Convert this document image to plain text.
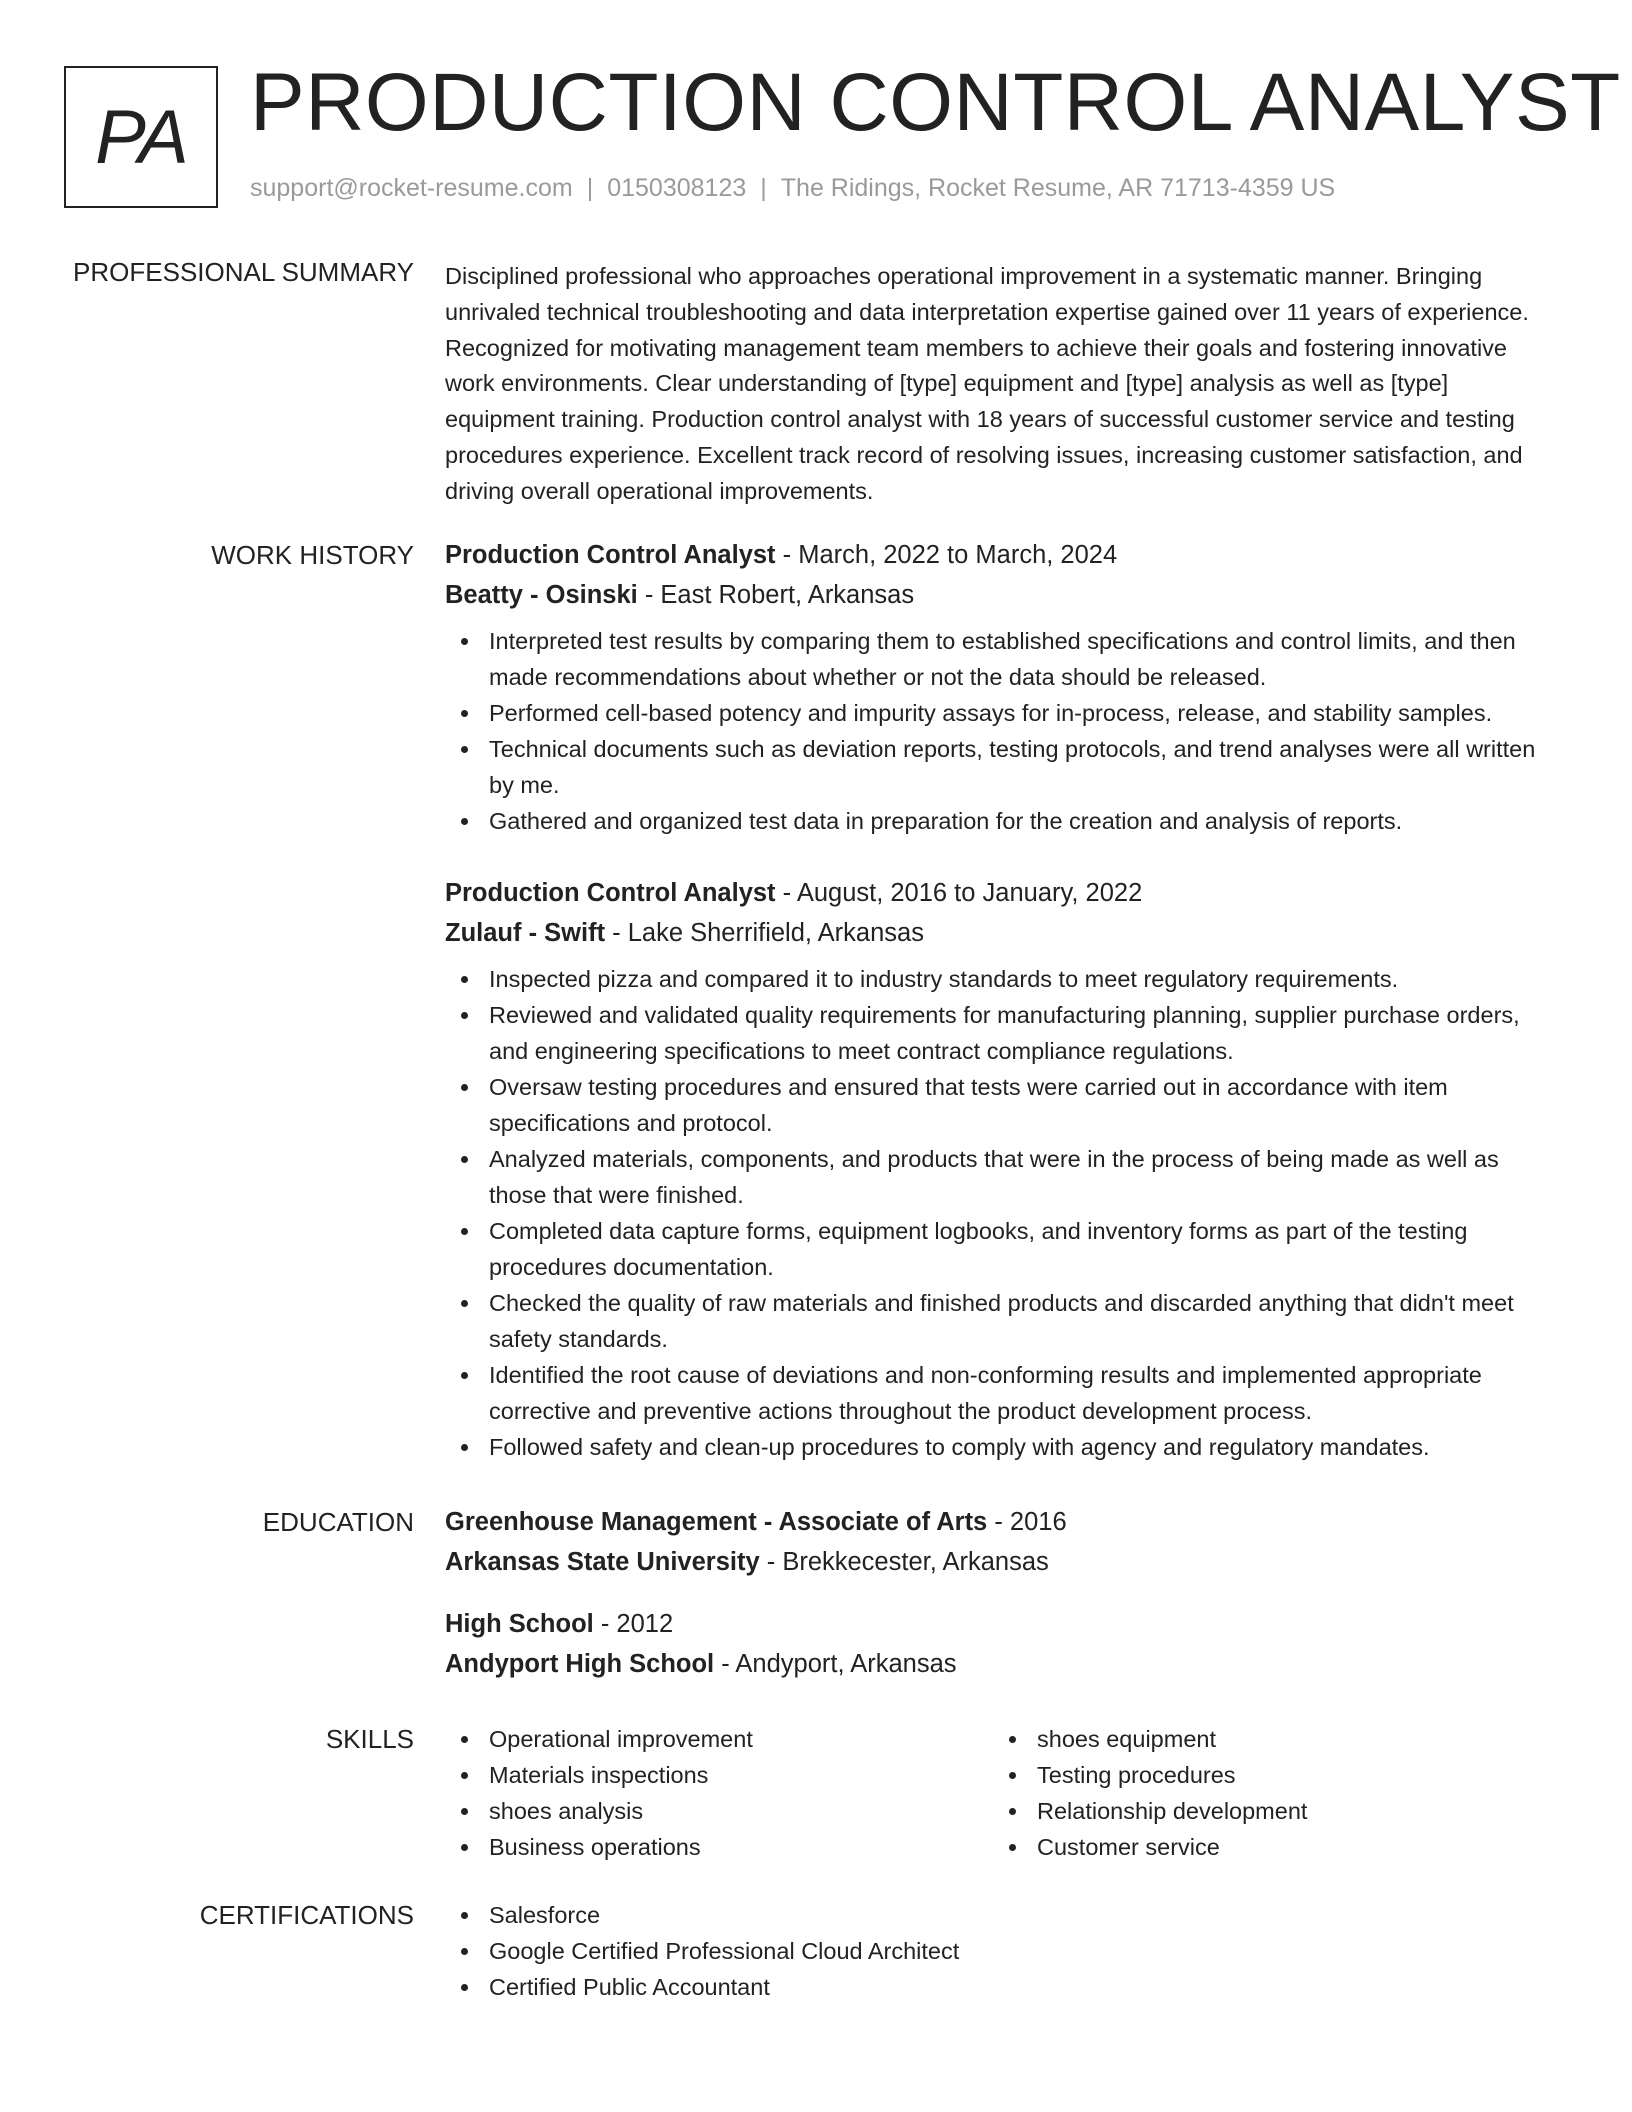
PA PRODUCTION CONTROL ANALYST
support@rocket-resume.com | 0150308123 | The Ridings, Rocket Resume, AR 71713-4359 US
PROFESSIONAL SUMMARY Disciplined professional who approaches operational improvement in a systematic manner. Bringing unrivaled technical troubleshooting and data interpretation expertise gained over 11 years of experience. Recognized for motivating management team members to achieve their goals and fostering innovative work environments. Clear understanding of [type] equipment and [type] analysis as well as [type] equipment training. Production control analyst with 18 years of successful customer service and testing procedures experience. Excellent track record of resolving issues, increasing customer satisfaction, and driving overall operational improvements.

WORK HISTORY Production Control Analyst - March, 2022 to March, 2024
Beatty - Osinski - East Robert, Arkansas
Interpreted test results by comparing them to established specifications and control limits, and then made recommendations about whether or not the data should be released.
Performed cell-based potency and impurity assays for in-process, release, and stability samples.
Technical documents such as deviation reports, testing protocols, and trend analyses were all written by me.
Gathered and organized test data in preparation for the creation and analysis of reports.
Production Control Analyst - August, 2016 to January, 2022
Zulauf - Swift - Lake Sherrifield, Arkansas
Inspected pizza and compared it to industry standards to meet regulatory requirements.
Reviewed and validated quality requirements for manufacturing planning, supplier purchase orders, and engineering specifications to meet contract compliance regulations.
Oversaw testing procedures and ensured that tests were carried out in accordance with item specifications and protocol.
Analyzed materials, components, and products that were in the process of being made as well as those that were finished.
Completed data capture forms, equipment logbooks, and inventory forms as part of the testing procedures documentation.
Checked the quality of raw materials and finished products and discarded anything that didn't meet safety standards.
Identified the root cause of deviations and non-conforming results and implemented appropriate corrective and preventive actions throughout the product development process.
Followed safety and clean-up procedures to comply with agency and regulatory mandates.
EDUCATION Greenhouse Management - Associate of Arts - 2016
Arkansas State University - Brekkecester, Arkansas
High School - 2012
Andyport High School - Andyport, Arkansas
SKILLS	Operational improvement
Materials inspections
shoes analysis
Business operations
shoes equipment
Testing procedures
Relationship development
Customer service
CERTIFICATIONS	Salesforce
Google Certified Professional Cloud Architect
Certified Public Accountant
